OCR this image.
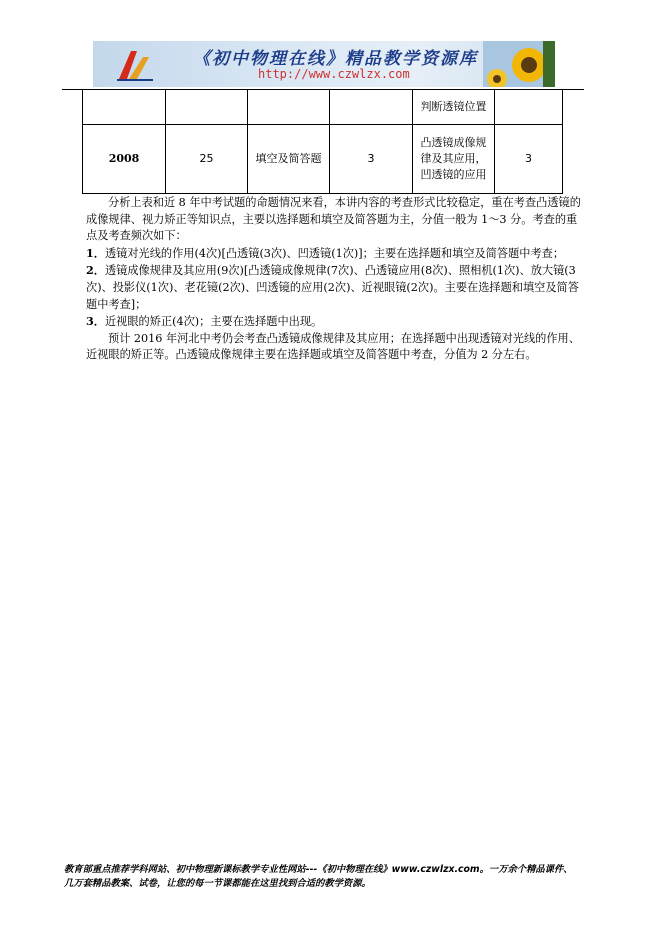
《初中物理在线》精品教学资源库
http://www.czwlzx.com
				判断透镜位置	
2008	25	填空及简答题	3	凸透镜成像规律及其应用，凹透镜的应用	3

分析上表和近 8 年中考试题的命题情况来看，本讲内容的考查形式比较稳定，重在考查凸透镜的成像规律、视力矫正等知识点，主要以选择题和填空及简答题为主，分值一般为 1～3 分。考查的重点及考查频次如下：

1．透镜对光线的作用(4次)[凸透镜(3次)、凹透镜(1次)]；主要在选择题和填空及简答题中考查；

2．透镜成像规律及其应用(9次)[凸透镜成像规律(7次)、凸透镜应用(8次)、照相机(1次)、放大镜(3次)、投影仪(1次)、老花镜(2次)、凹透镜的应用(2次)、近视眼镜(2次)。主要在选择题和填空及简答题中考查]；

3．近视眼的矫正(4次)；主要在选择题中出现。

预计 2016 年河北中考仍会考查凸透镜成像规律及其应用；在选择题中出现透镜对光线的作用、近视眼的矫正等。凸透镜成像规律主要在选择题或填空及简答题中考查，分值为 2 分左右。

教育部重点推荐学科网站、初中物理新课标教学专业性网站---《初中物理在线》www.czwlzx.com。一万余个精品课件、
几万套精品教案、试卷，让您的每一节课都能在这里找到合适的教学资源。
